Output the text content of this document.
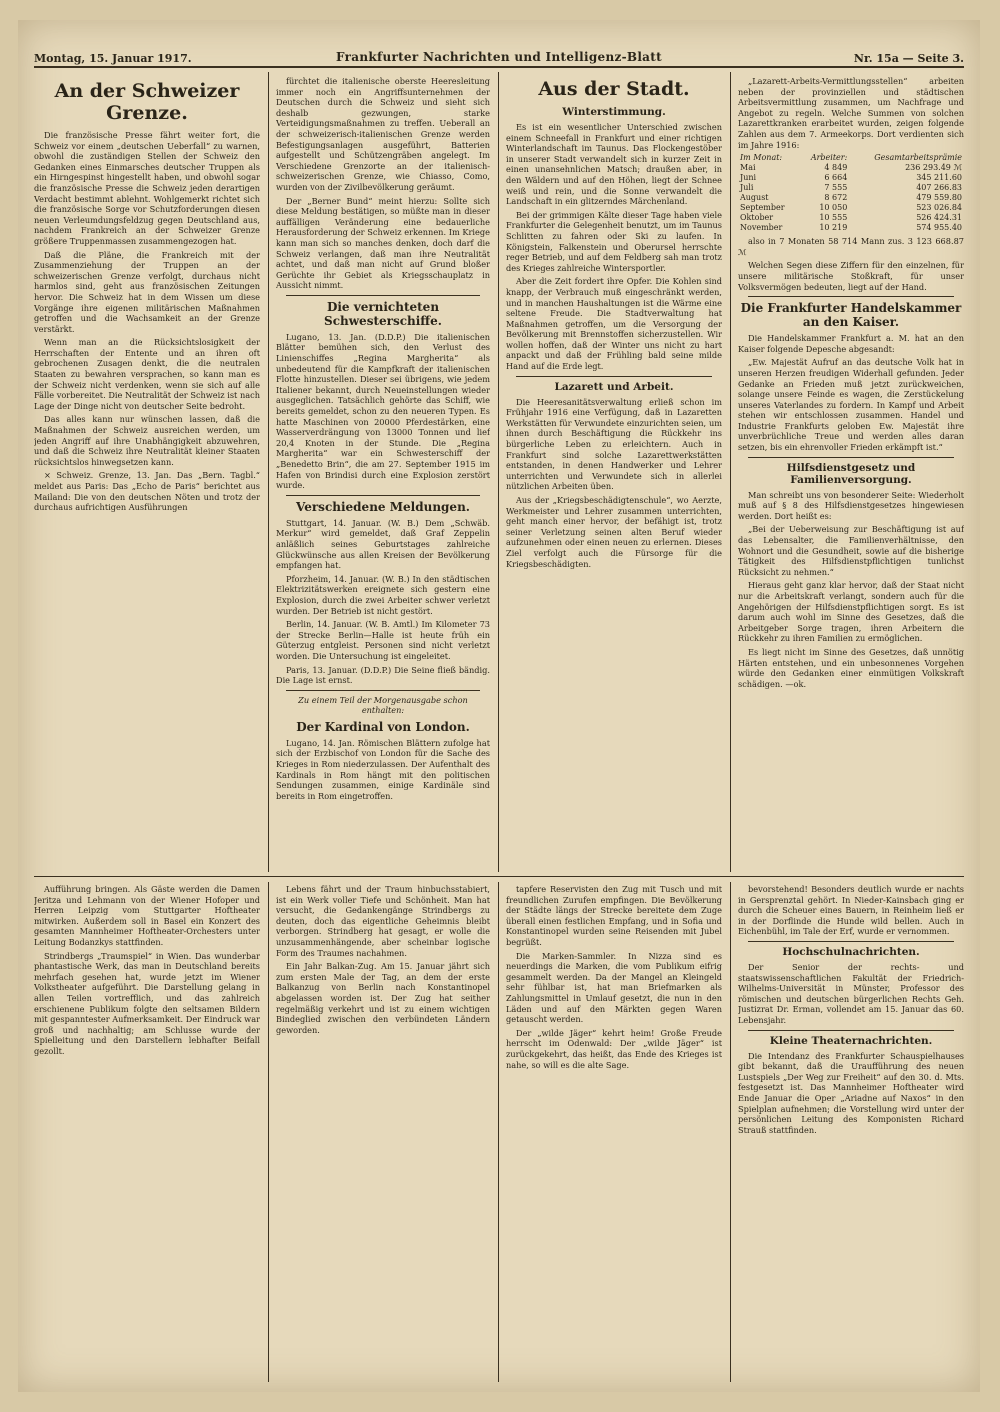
Montag, 15. Januar 1917.	Frankfurter Nachrichten und Intelligenz-Blatt	Nr. 15a — Seite 3.
An der Schweizer Grenze.

Die französische Presse fährt weiter fort, die Schweiz vor einem „deutschen Ueberfall“ zu warnen, obwohl die zuständigen Stellen der Schweiz den Gedanken eines Einmarsches deutscher Truppen als ein Hirngespinst hingestellt haben, und obwohl sogar die französische Presse die Schweiz jeden derartigen Verdacht bestimmt ablehnt. Wohlgemerkt richtet sich die französische Sorge vor Schutzforderungen diesen neuen Verleumdungsfeldzug gegen Deutschland aus, nachdem Frankreich an der Schweizer Grenze größere Truppenmassen zusammengezogen hat.

Daß die Pläne, die Frankreich mit der Zusammenziehung der Truppen an der schweizerischen Grenze verfolgt, durchaus nicht harmlos sind, geht aus französischen Zeitungen hervor. Die Schweiz hat in dem Wissen um diese Vorgänge ihre eigenen militärischen Maßnahmen getroffen und die Wachsamkeit an der Grenze verstärkt.

Wenn man an die Rücksichtslosigkeit der Herrschaften der Entente und an ihren oft gebrochenen Zusagen denkt, die die neutralen Staaten zu bewahren versprachen, so kann man es der Schweiz nicht verdenken, wenn sie sich auf alle Fälle vorbereitet. Die Neutralität der Schweiz ist nach Lage der Dinge nicht von deutscher Seite bedroht.

Das alles kann nur wünschen lassen, daß die Maßnahmen der Schweiz ausreichen werden, um jeden Angriff auf ihre Unabhängigkeit abzuwehren, und daß die Schweiz ihre Neutralität kleiner Staaten rücksichtslos hinwegsetzen kann.

× Schweiz. Grenze, 13. Jan. Das „Bern. Tagbl.“ meldet aus Paris: Das „Echo de Paris“ berichtet aus Mailand: Die von den deutschen Nöten und trotz der durchaus aufrichtigen Ausführungen

fürchtet die italienische oberste Heeresleitung immer noch ein Angriffsunternehmen der Deutschen durch die Schweiz und sieht sich deshalb gezwungen, starke Verteidigungsmaßnahmen zu treffen. Ueberall an der schweizerisch-italienischen Grenze werden Befestigungsanlagen ausgeführt, Batterien aufgestellt und Schützengräben angelegt. Im Verschiedene Grenzorte an der italienisch-schweizerischen Grenze, wie Chiasso, Como, wurden von der Zivilbevölkerung geräumt.

Der „Berner Bund“ meint hierzu: Sollte sich diese Meldung bestätigen, so müßte man in dieser auffälligen Veränderung eine bedauerliche Herausforderung der Schweiz erkennen. Im Kriege kann man sich so manches denken, doch darf die Schweiz verlangen, daß man ihre Neutralität achtet, und daß man nicht auf Grund bloßer Gerüchte ihr Gebiet als Kriegsschauplatz in Aussicht nimmt.

Die vernichteten Schwesterschiffe.

Lugano, 13. Jan. (D.D.P.) Die italienischen Blätter bemühen sich, den Verlust des Linienschiffes „Regina Margherita“ als unbedeutend für die Kampfkraft der italienischen Flotte hinzustellen. Dieser sei übrigens, wie jedem Italiener bekannt, durch Neueinstellungen wieder ausgeglichen. Tatsächlich gehörte das Schiff, wie bereits gemeldet, schon zu den neueren Typen. Es hatte Maschinen von 20000 Pferdestärken, eine Wasserverdrängung von 13000 Tonnen und lief 20,4 Knoten in der Stunde. Die „Regina Margherita“ war ein Schwesterschiff der „Benedetto Brin“, die am 27. September 1915 im Hafen von Brindisi durch eine Explosion zerstört wurde.

Verschiedene Meldungen.

Stuttgart, 14. Januar. (W. B.) Dem „Schwäb. Merkur“ wird gemeldet, daß Graf Zeppelin anläßlich seines Geburtstages zahlreiche Glückwünsche aus allen Kreisen der Bevölkerung empfangen hat.

Pforzheim, 14. Januar. (W. B.) In den städtischen Elektrizitätswerken ereignete sich gestern eine Explosion, durch die zwei Arbeiter schwer verletzt wurden. Der Betrieb ist nicht gestört.

Berlin, 14. Januar. (W. B. Amtl.) Im Kilometer 73 der Strecke Berlin—Halle ist heute früh ein Güterzug entgleist. Personen sind nicht verletzt worden. Die Untersuchung ist eingeleitet.

Paris, 13. Januar. (D.D.P.) Die Seine fließ bändig. Die Lage ist ernst.

Zu einem Teil der Morgenausgabe schon enthalten:
Der Kardinal von London.

Lugano, 14. Jan. Römischen Blättern zufolge hat sich der Erzbischof von London für die Sache des Krieges in Rom niederzulassen. Der Aufenthalt des Kardinals in Rom hängt mit den politischen Sendungen zusammen, einige Kardinäle sind bereits in Rom eingetroffen.

Aus der Stadt.
Winterstimmung.

Es ist ein wesentlicher Unterschied zwischen einem Schneefall in Frankfurt und einer richtigen Winterlandschaft im Taunus. Das Flockengestöber in unserer Stadt verwandelt sich in kurzer Zeit in einen unansehnlichen Matsch; draußen aber, in den Wäldern und auf den Höhen, liegt der Schnee weiß und rein, und die Sonne verwandelt die Landschaft in ein glitzerndes Märchenland.

Bei der grimmigen Kälte dieser Tage haben viele Frankfurter die Gelegenheit benutzt, um im Taunus Schlitten zu fahren oder Ski zu laufen. In Königstein, Falkenstein und Oberursel herrschte reger Betrieb, und auf dem Feldberg sah man trotz des Krieges zahlreiche Wintersportler.

Aber die Zeit fordert ihre Opfer. Die Kohlen sind knapp, der Verbrauch muß eingeschränkt werden, und in manchen Haushaltungen ist die Wärme eine seltene Freude. Die Stadtverwaltung hat Maßnahmen getroffen, um die Versorgung der Bevölkerung mit Brennstoffen sicherzustellen. Wir wollen hoffen, daß der Winter uns nicht zu hart anpackt und daß der Frühling bald seine milde Hand auf die Erde legt.

Lazarett und Arbeit.

Die Heeresanitätsverwaltung erließ schon im Frühjahr 1916 eine Verfügung, daß in Lazaretten Werkstätten für Verwundete einzurichten seien, um ihnen durch Beschäftigung die Rückkehr ins bürgerliche Leben zu erleichtern. Auch in Frankfurt sind solche Lazarettwerkstätten entstanden, in denen Handwerker und Lehrer unterrichten und Verwundete sich in allerlei nützlichen Arbeiten üben.

Aus der „Kriegsbeschädigtenschule“, wo Aerzte, Werkmeister und Lehrer zusammen unterrichten, geht manch einer hervor, der befähigt ist, trotz seiner Verletzung seinen alten Beruf wieder aufzunehmen oder einen neuen zu erlernen. Dieses Ziel verfolgt auch die Fürsorge für die Kriegsbeschädigten.

„Lazarett-Arbeits-Vermittlungsstellen“ arbeiten neben der provinziellen und städtischen Arbeitsvermittlung zusammen, um Nachfrage und Angebot zu regeln. Welche Summen von solchen Lazarettkranken erarbeitet wurden, zeigen folgende Zahlen aus dem 7. Armeekorps. Dort verdienten sich im Jahre 1916:

Im Monat:	Arbeiter:	Gesamtarbeitsprämie
Mai	4 849	236 293.49 ℳ
Juni	6 664	345 211.60
Juli	7 555	407 266.83
August	8 672	479 559.80
September	10 050	523 026.84
Oktober	10 555	526 424.31
November	10 219	574 955.40

also in 7 Monaten 58 714 Mann zus. 3 123 668.87 ℳ

Welchen Segen diese Ziffern für den einzelnen, für unsere militärische Stoßkraft, für unser Volksvermögen bedeuten, liegt auf der Hand.

Die Frankfurter Handelskammer an den Kaiser.

Die Handelskammer Frankfurt a. M. hat an den Kaiser folgende Depesche abgesandt:

„Ew. Majestät Aufruf an das deutsche Volk hat in unseren Herzen freudigen Widerhall gefunden. Jeder Gedanke an Frieden muß jetzt zurückweichen, solange unsere Feinde es wagen, die Zerstückelung unseres Vaterlandes zu fordern. In Kampf und Arbeit stehen wir entschlossen zusammen. Handel und Industrie Frankfurts geloben Ew. Majestät ihre unverbrüchliche Treue und werden alles daran setzen, bis ein ehrenvoller Frieden erkämpft ist.“

Hilfsdienstgesetz und Familienversorgung.

Man schreibt uns von besonderer Seite: Wiederholt muß auf § 8 des Hilfsdienstgesetzes hingewiesen werden. Dort heißt es:

„Bei der Ueberweisung zur Beschäftigung ist auf das Lebensalter, die Familienverhältnisse, den Wohnort und die Gesundheit, sowie auf die bisherige Tätigkeit des Hilfsdienstpflichtigen tunlichst Rücksicht zu nehmen.“

Hieraus geht ganz klar hervor, daß der Staat nicht nur die Arbeitskraft verlangt, sondern auch für die Angehörigen der Hilfsdienstpflichtigen sorgt. Es ist darum auch wohl im Sinne des Gesetzes, daß die Arbeitgeber Sorge tragen, ihren Arbeitern die Rückkehr zu ihren Familien zu ermöglichen.

Es liegt nicht im Sinne des Gesetzes, daß unnötig Härten entstehen, und ein unbesonnenes Vorgehen würde den Gedanken einer einmütigen Volkskraft schädigen. —ok.

Aufführung bringen. Als Gäste werden die Damen Jeritza und Lehmann von der Wiener Hofoper und Herren Leipzig vom Stuttgarter Hoftheater mitwirken. Außerdem soll in Basel ein Konzert des gesamten Mannheimer Hoftheater-Orchesters unter Leitung Bodanzkys stattfinden.

Strindbergs „Traumspiel“ in Wien. Das wunderbar phantastische Werk, das man in Deutschland bereits mehrfach gesehen hat, wurde jetzt im Wiener Volkstheater aufgeführt. Die Darstellung gelang in allen Teilen vortrefflich, und das zahlreich erschienene Publikum folgte den seltsamen Bildern mit gespanntester Aufmerksamkeit. Der Eindruck war groß und nachhaltig; am Schlusse wurde der Spielleitung und den Darstellern lebhafter Beifall gezollt.

Lebens fährt und der Traum hinbuchsstabiert, ist ein Werk voller Tiefe und Schönheit. Man hat versucht, die Gedankengänge Strindbergs zu deuten, doch das eigentliche Geheimnis bleibt verborgen. Strindberg hat gesagt, er wolle die unzusammenhängende, aber scheinbar logische Form des Traumes nachahmen.

Ein Jahr Balkan-Zug. Am 15. Januar jährt sich zum ersten Male der Tag, an dem der erste Balkanzug von Berlin nach Konstantinopel abgelassen worden ist. Der Zug hat seither regelmäßig verkehrt und ist zu einem wichtigen Bindeglied zwischen den verbündeten Ländern geworden.

tapfere Reservisten den Zug mit Tusch und mit freundlichen Zurufen empfingen. Die Bevölkerung der Städte längs der Strecke bereitete dem Zuge überall einen festlichen Empfang, und in Sofia und Konstantinopel wurden seine Reisenden mit Jubel begrüßt.

Die Marken-Sammler. In Nizza sind es neuerdings die Marken, die vom Publikum eifrig gesammelt werden. Da der Mangel an Kleingeld sehr fühlbar ist, hat man Briefmarken als Zahlungsmittel in Umlauf gesetzt, die nun in den Läden und auf den Märkten gegen Waren getauscht werden.

Der „wilde Jäger“ kehrt heim! Große Freude herrscht im Odenwald: Der „wilde Jäger“ ist zurückgekehrt, das heißt, das Ende des Krieges ist nahe, so will es die alte Sage.

bevorstehend! Besonders deutlich wurde er nachts in Gersprenztal gehört. In Nieder-Kainsbach ging er durch die Scheuer eines Bauern, in Reinheim ließ er in der Dorflinde die Hunde wild bellen. Auch in Eichenbühl, im Tale der Erf, wurde er vernommen.

Hochschulnachrichten.

Der Senior der rechts- und staatswissenschaftlichen Fakultät der Friedrich-Wilhelms-Universität in Münster, Professor des römischen und deutschen bürgerlichen Rechts Geh. Justizrat Dr. Erman, vollendet am 15. Januar das 60. Lebensjahr.

Kleine Theaternachrichten.

Die Intendanz des Frankfurter Schauspielhauses gibt bekannt, daß die Uraufführung des neuen Lustspiels „Der Weg zur Freiheit“ auf den 30. d. Mts. festgesetzt ist. Das Mannheimer Hoftheater wird Ende Januar die Oper „Ariadne auf Naxos“ in den Spielplan aufnehmen; die Vorstellung wird unter der persönlichen Leitung des Komponisten Richard Strauß stattfinden.
